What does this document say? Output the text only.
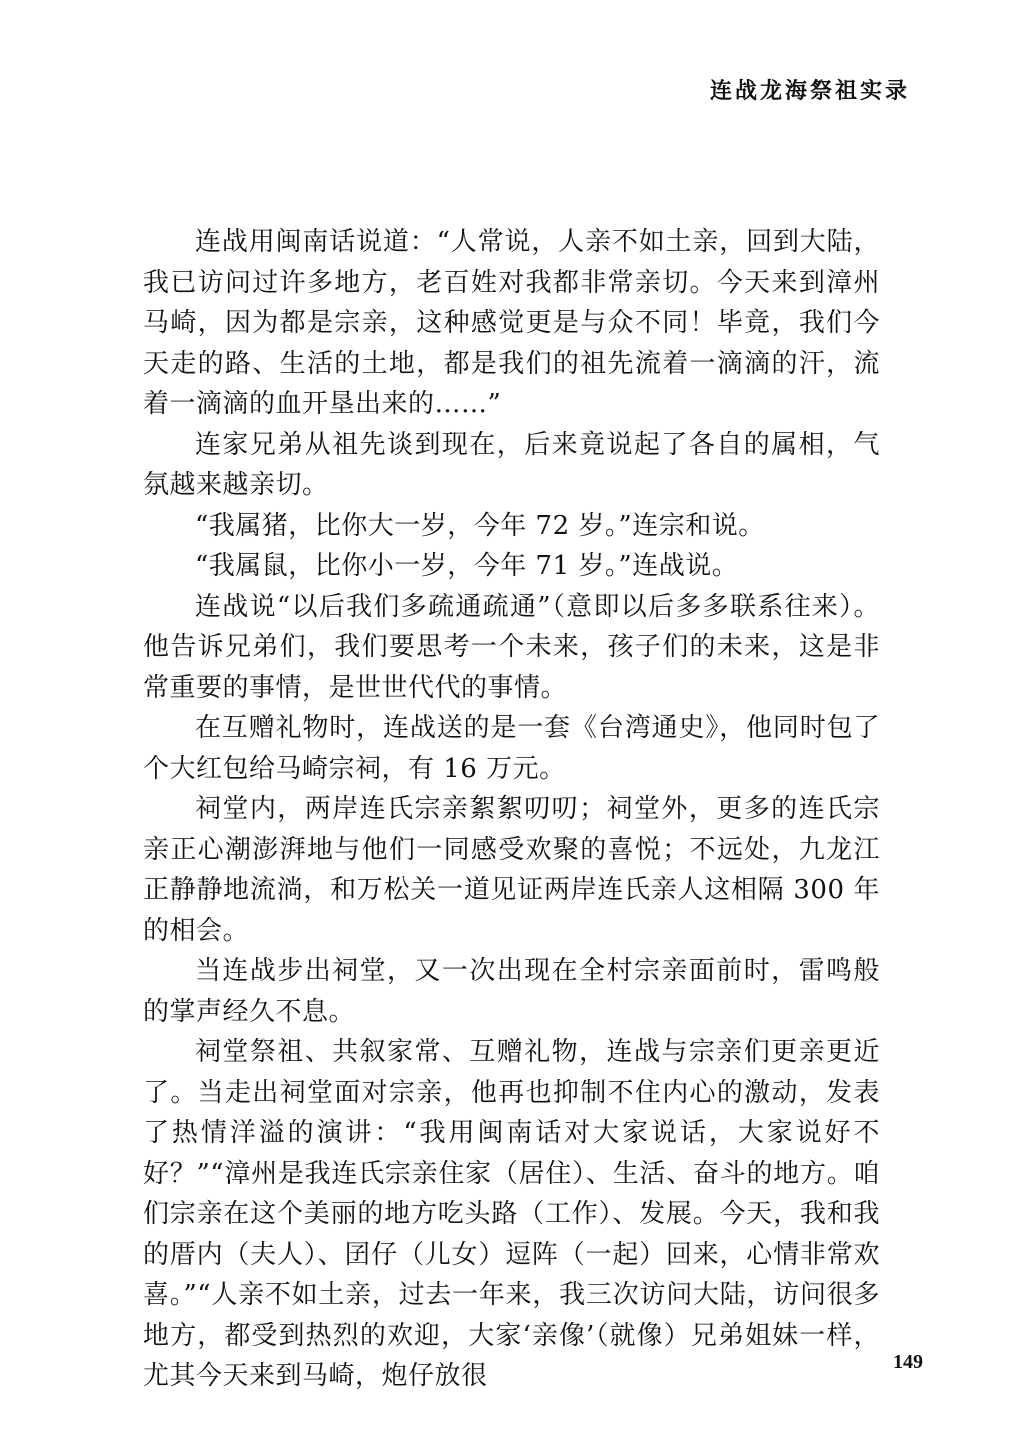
连战龙海祭祖实录

连战用闽南话说道：“人常说，人亲不如土亲，回到大陆，我已访问过许多地方，老百姓对我都非常亲切。今天来到漳州马崎，因为都是宗亲，这种感觉更是与众不同！毕竟，我们今天走的路、生活的土地，都是我们的祖先流着一滴滴的汗，流着一滴滴的血开垦出来的……”

连家兄弟从祖先谈到现在，后来竟说起了各自的属相，气氛越来越亲切。

“我属猪，比你大一岁，今年 72 岁。”连宗和说。

“我属鼠，比你小一岁，今年 71 岁。”连战说。

连战说“以后我们多疏通疏通”（意即以后多多联系往来）。他告诉兄弟们，我们要思考一个未来，孩子们的未来，这是非常重要的事情，是世世代代的事情。

在互赠礼物时，连战送的是一套《台湾通史》，他同时包了个大红包给马崎宗祠，有 16 万元。

祠堂内，两岸连氏宗亲絮絮叨叨；祠堂外，更多的连氏宗亲正心潮澎湃地与他们一同感受欢聚的喜悦；不远处，九龙江正静静地流淌，和万松关一道见证两岸连氏亲人这相隔 300 年的相会。

当连战步出祠堂，又一次出现在全村宗亲面前时，雷鸣般的掌声经久不息。

祠堂祭祖、共叙家常、互赠礼物，连战与宗亲们更亲更近了。当走出祠堂面对宗亲，他再也抑制不住内心的激动，发表了热情洋溢的演讲：“我用闽南话对大家说话，大家说好不好？”“漳州是我连氏宗亲住家（居住）、生活、奋斗的地方。咱们宗亲在这个美丽的地方吃头路（工作）、发展。今天，我和我的厝内（夫人）、囝仔（儿女）逗阵（一起）回来，心情非常欢喜。”“人亲不如土亲，过去一年来，我三次访问大陆，访问很多地方，都受到热烈的欢迎，大家‘亲像’（就像）兄弟姐妹一样，尤其今天来到马崎，炮仔放很	149
